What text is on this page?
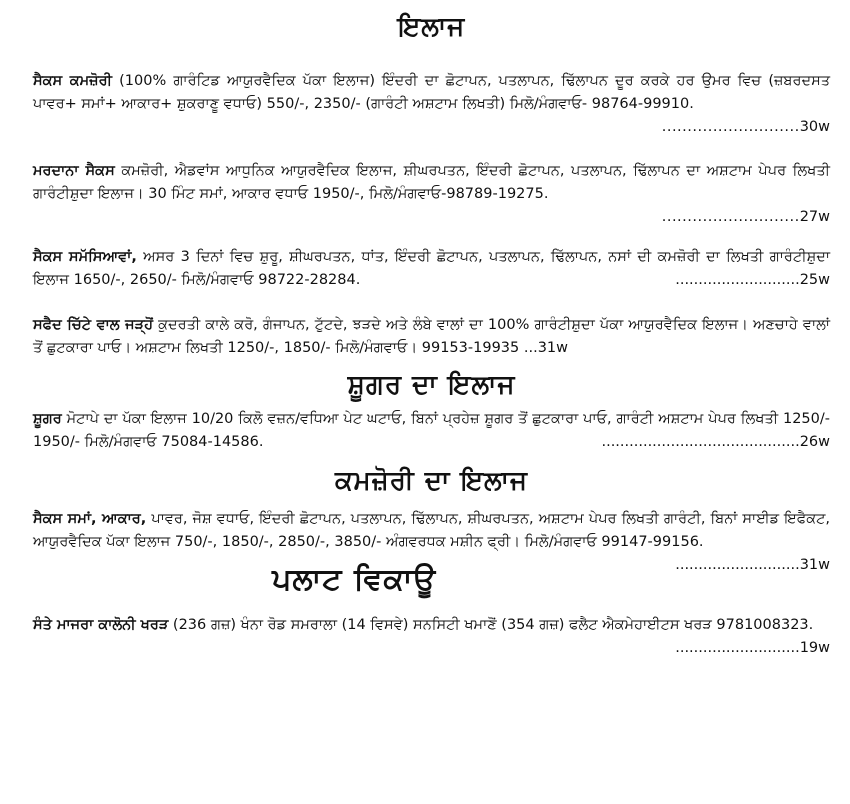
ਇਲਾਜ

ਸੈਕਸ ਕਮਜ਼ੋਰੀ (100% ਗਾਰੰਟਿਡ ਆਯੁਰਵੈਦਿਕ ਪੱਕਾ ਇਲਾਜ) ਇੰਦਰੀ ਦਾ ਛੋਟਾਪਨ, ਪਤਲਾਪਨ, ਢਿੱਲਾਪਨ ਦੂਰ ਕਰਕੇ ਹਰ ਉਮਰ ਵਿਚ (ਜ਼ਬਰਦਸਤ ਪਾਵਰ+ ਸਮਾਂ+ ਆਕਾਰ+ ਸ਼ੁਕਰਾਣੂ ਵਧਾਓ) 550/-, 2350/- (ਗਾਰੰਟੀ ਅਸ਼ਟਾਮ ਲਿਖਤੀ) ਮਿਲੋ/ਮੰਗਵਾਓ- 98764-99910.

...........................30w

ਮਰਦਾਨਾ ਸੈਕਸ ਕਮਜ਼ੋਰੀ, ਐਡਵਾਂਸ ਆਧੁਨਿਕ ਆਯੁਰਵੈਦਿਕ ਇਲਾਜ, ਸ਼ੀਘਰਪਤਨ, ਇੰਦਰੀ ਛੋਟਾਪਨ, ਪਤਲਾਪਨ, ਢਿੱਲਾਪਨ ਦਾ ਅਸ਼ਟਾਮ ਪੇਪਰ ਲਿਖਤੀ ਗਾਰੰਟੀਸ਼ੁਦਾ ਇਲਾਜ। 30 ਮਿੰਟ ਸਮਾਂ, ਆਕਾਰ ਵਧਾਓ 1950/-, ਮਿਲੋ/ਮੰਗਵਾਓ-98789-19275.

...........................27w

ਸੈਕਸ ਸਮੱਸਿਆਵਾਂ, ਅਸਰ 3 ਦਿਨਾਂ ਵਿਚ ਸ਼ੁਰੂ, ਸ਼ੀਘਰਪਤਨ, ਧਾਂਤ, ਇੰਦਰੀ ਛੋਟਾਪਨ, ਪਤਲਾਪਨ, ਢਿੱਲਾਪਨ, ਨਸਾਂ ਦੀ ਕਮਜ਼ੋਰੀ ਦਾ ਲਿਖਤੀ ਗਾਰੰਟੀਸ਼ੁਦਾ ਇਲਾਜ 1650/-, 2650/- ਮਿਲੋ/ਮੰਗਵਾਓ 98722-28284.	...........................25w

ਸਫੈਦ ਚਿੱਟੇ ਵਾਲ ਜੜ੍ਹੋਂ ਕੁਦਰਤੀ ਕਾਲੇ ਕਰੋ, ਗੰਜਾਪਨ, ਟੁੱਟਦੇ, ਝੜਦੇ ਅਤੇ ਲੰਬੇ ਵਾਲਾਂ ਦਾ 100% ਗਾਰੰਟੀਸ਼ੁਦਾ ਪੱਕਾ ਆਯੁਰਵੈਦਿਕ ਇਲਾਜ। ਅਣਚਾਹੇ ਵਾਲਾਂ ਤੋਂ ਛੁਟਕਾਰਾ ਪਾਓ। ਅਸ਼ਟਾਮ ਲਿਖਤੀ 1250/-, 1850/- ਮਿਲੋ/ਮੰਗਵਾਓ। 99153-19935 ...31w

ਸ਼ੂਗਰ ਦਾ ਇਲਾਜ

ਸ਼ੂਗਰ ਮੋਟਾਪੇ ਦਾ ਪੱਕਾ ਇਲਾਜ 10/20 ਕਿਲੋ ਵਜ਼ਨ/ਵਧਿਆ ਪੇਟ ਘਟਾਓ, ਬਿਨਾਂ ਪ੍ਰਹੇਜ਼ ਸ਼ੂਗਰ ਤੋਂ ਛੁਟਕਾਰਾ ਪਾਓ, ਗਾਰੰਟੀ ਅਸ਼ਟਾਮ ਪੇਪਰ ਲਿਖਤੀ 1250/- 1950/- ਮਿਲੋ/ਮੰਗਵਾਓ 75084-14586.	...........................................26w

ਕਮਜ਼ੋਰੀ ਦਾ ਇਲਾਜ

ਸੈਕਸ ਸਮਾਂ, ਆਕਾਰ, ਪਾਵਰ, ਜੋਸ਼ ਵਧਾਓ, ਇੰਦਰੀ ਛੋਟਾਪਨ, ਪਤਲਾਪਨ, ਢਿੱਲਾਪਨ, ਸ਼ੀਘਰਪਤਨ, ਅਸ਼ਟਾਮ ਪੇਪਰ ਲਿਖਤੀ ਗਾਰੰਟੀ, ਬਿਨਾਂ ਸਾਈਡ ਇਫੈਕਟ, ਆਯੁਰਵੈਦਿਕ ਪੱਕਾ ਇਲਾਜ 750/-, 1850/-, 2850/-, 3850/- ਅੰਗਵਰਧਕ ਮਸ਼ੀਨ ਫ੍ਰੀ। ਮਿਲੋ/ਮੰਗਵਾਓ 99147-99156.
...........................31w

ਪਲਾਟ ਵਿਕਾਊ

ਸੰਤੇ ਮਾਜਰਾ ਕਾਲੋਨੀ ਖਰੜ (236 ਗਜ਼) ਖੰਨਾ ਰੋਡ ਸਮਰਾਲਾ (14 ਵਿਸਵੇ) ਸਨਸਿਟੀ ਖਮਾਣੋਂ (354 ਗਜ਼) ਫਲੈਟ ਐਕਮੇਹਾਈਟਸ ਖਰੜ 9781008323.
...........................19w
